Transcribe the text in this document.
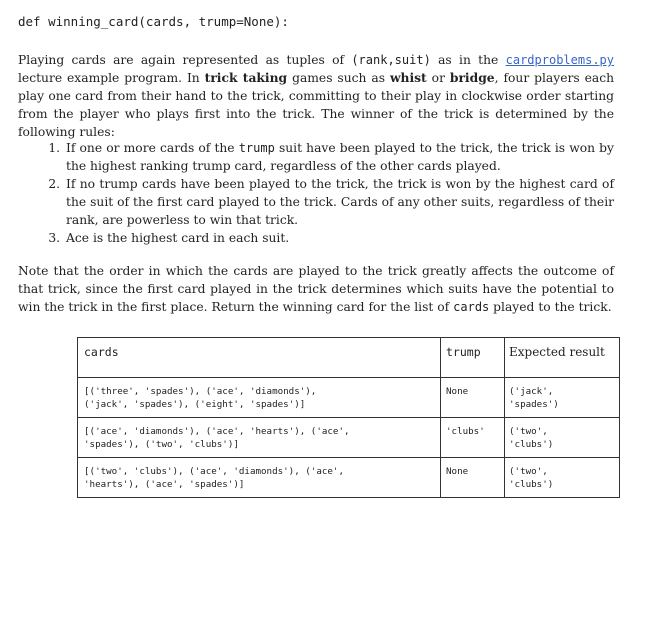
def winning_card(cards, trump=None):
Playing cards are again represented as tuples of (rank,suit) as in the cardproblems.py lecture example program. In trick taking games such as whist or bridge, four players each play one card from their hand to the trick, committing to their play in clockwise order starting from the player who plays first into the trick. The winner of the trick is determined by the following rules:
1. If one or more cards of the trump suit have been played to the trick, the trick is won by the highest ranking trump card, regardless of the other cards played.
2. If no trump cards have been played to the trick, the trick is won by the highest card of the suit of the first card played to the trick. Cards of any other suits, regardless of their rank, are powerless to win that trick.
3. Ace is the highest card in each suit.
Note that the order in which the cards are played to the trick greatly affects the outcome of that trick, since the first card played in the trick determines which suits have the potential to win the trick in the first place. Return the winning card for the list of cards played to the trick.
cards	trump	Expected result
[('three', 'spades'), ('ace', 'diamonds'),
('jack', 'spades'), ('eight', 'spades')]	None	('jack',
'spades')
[('ace', 'diamonds'), ('ace', 'hearts'), ('ace',
'spades'), ('two', 'clubs')]	'clubs'	('two',
'clubs')
[('two', 'clubs'), ('ace', 'diamonds'), ('ace',
'hearts'), ('ace', 'spades')]	None	('two',
'clubs')
